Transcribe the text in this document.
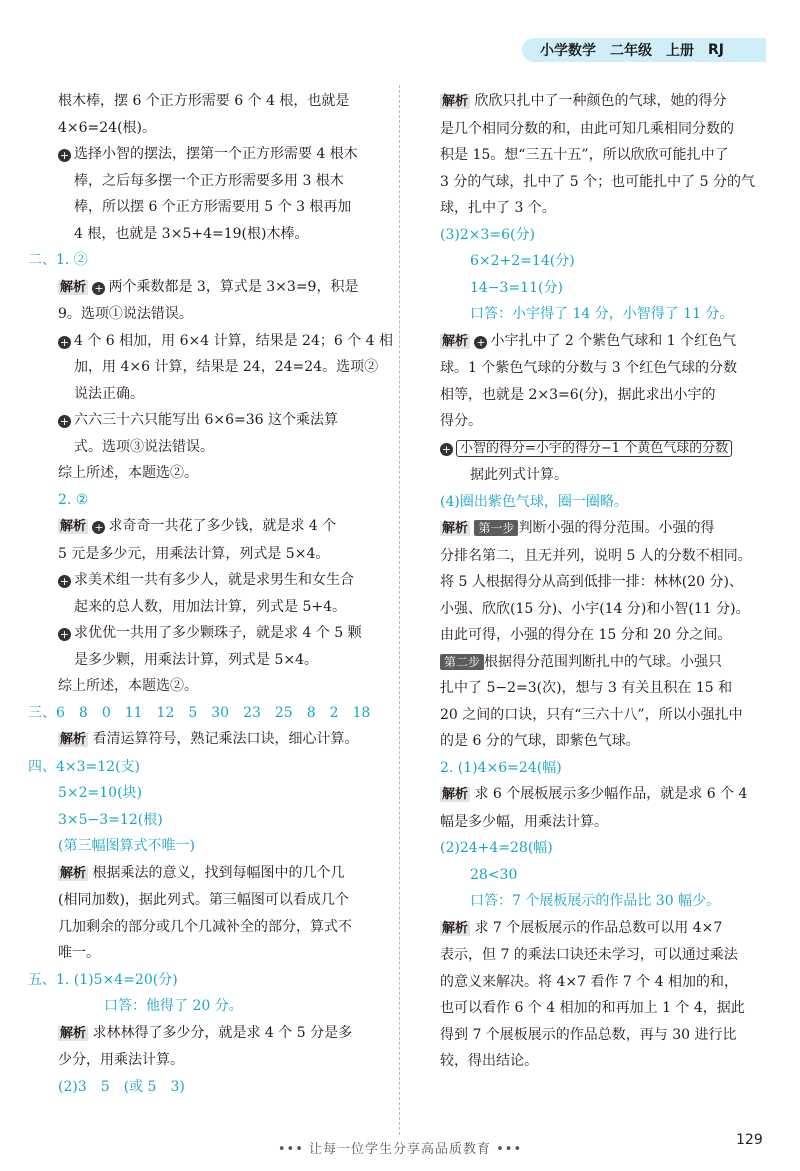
小学数学 二年级 上册 RJ
根木棒，摆 6 个正方形需要 6 个 4 根，也就是
4×6=24(根)。
+ 选择小智的摆法，摆第一个正方形需要 4 根木
棒，之后每多摆一个正方形需要多用 3 根木
棒，所以摆 6 个正方形需要用 5 个 3 根再加
4 根，也就是 3×5+4=19(根)木棒。
二、1. ②
解析 + 两个乘数都是 3，算式是 3×3=9，积是
9。选项①说法错误。
+ 4 个 6 相加，用 6×4 计算，结果是 24；6 个 4 相
加，用 4×6 计算，结果是 24，24=24。选项②
说法正确。
+ 六六三十六只能写出 6×6=36 这个乘法算
式。选项③说法错误。
综上所述，本题选②。
2. ②
解析 + 求奇奇一共花了多少钱，就是求 4 个
5 元是多少元，用乘法计算，列式是 5×4。
+ 求美术组一共有多少人，就是求男生和女生合
起来的总人数，用加法计算，列式是 5+4。
+ 求优优一共用了多少颗珠子，就是求 4 个 5 颗
是多少颗，用乘法计算，列式是 5×4。
综上所述，本题选②。
三、6　8　0　11　12　5　30　23　25　8　2　18
解析 看清运算符号，熟记乘法口诀，细心计算。
四、4×3=12(支)
5×2=10(块)
3×5−3=12(根)
(第三幅图算式不唯一)
解析 根据乘法的意义，找到每幅图中的几个几
(相同加数)，据此列式。第三幅图可以看成几个
几加剩余的部分或几个几减补全的部分，算式不
唯一。
五、1. (1)5×4=20(分)
口答：他得了 20 分。
解析 求林林得了多少分，就是求 4 个 5 分是多
少分，用乘法计算。
(2)3　5　(或 5　3)
解析 欣欣只扎中了一种颜色的气球，她的得分
是几个相同分数的和，由此可知几乘相同分数的
积是 15。想“三五十五”，所以欣欣可能扎中了
3 分的气球，扎中了 5 个；也可能扎中了 5 分的气
球，扎中了 3 个。
(3)2×3=6(分)
6×2+2=14(分)
14−3=11(分)
口答：小宇得了 14 分，小智得了 11 分。
解析 + 小宇扎中了 2 个紫色气球和 1 个红色气
球。1 个紫色气球的分数与 3 个红色气球的分数
相等，也就是 2×3=6(分)，据此求出小宇的
得分。
+ 小智的得分=小宇的得分−1 个黄色气球的分数
据此列式计算。
(4)圈出紫色气球，圈一圈略。
解析 第一步 判断小强的得分范围。小强的得
分排名第二，且无并列，说明 5 人的分数不相同。
将 5 人根据得分从高到低排一排：林林(20 分)、
小强、欣欣(15 分)、小宇(14 分)和小智(11 分)。
由此可得，小强的得分在 15 分和 20 分之间。
第二步 根据得分范围判断扎中的气球。小强只
扎中了 5−2=3(次)，想与 3 有关且积在 15 和
20 之间的口诀，只有“三六十八”，所以小强扎中
的是 6 分的气球，即紫色气球。
2. (1)4×6=24(幅)
解析 求 6 个展板展示多少幅作品，就是求 6 个 4
幅是多少幅，用乘法计算。
(2)24+4=28(幅)
28<30
口答：7 个展板展示的作品比 30 幅少。
解析 求 7 个展板展示的作品总数可以用 4×7
表示，但 7 的乘法口诀还未学习，可以通过乘法
的意义来解决。将 4×7 看作 7 个 4 相加的和，
也可以看作 6 个 4 相加的和再加上 1 个 4，据此
得到 7 个展板展示的作品总数，再与 30 进行比
较，得出结论。
••• 让每一位学生分享高品质教育 •••
129
